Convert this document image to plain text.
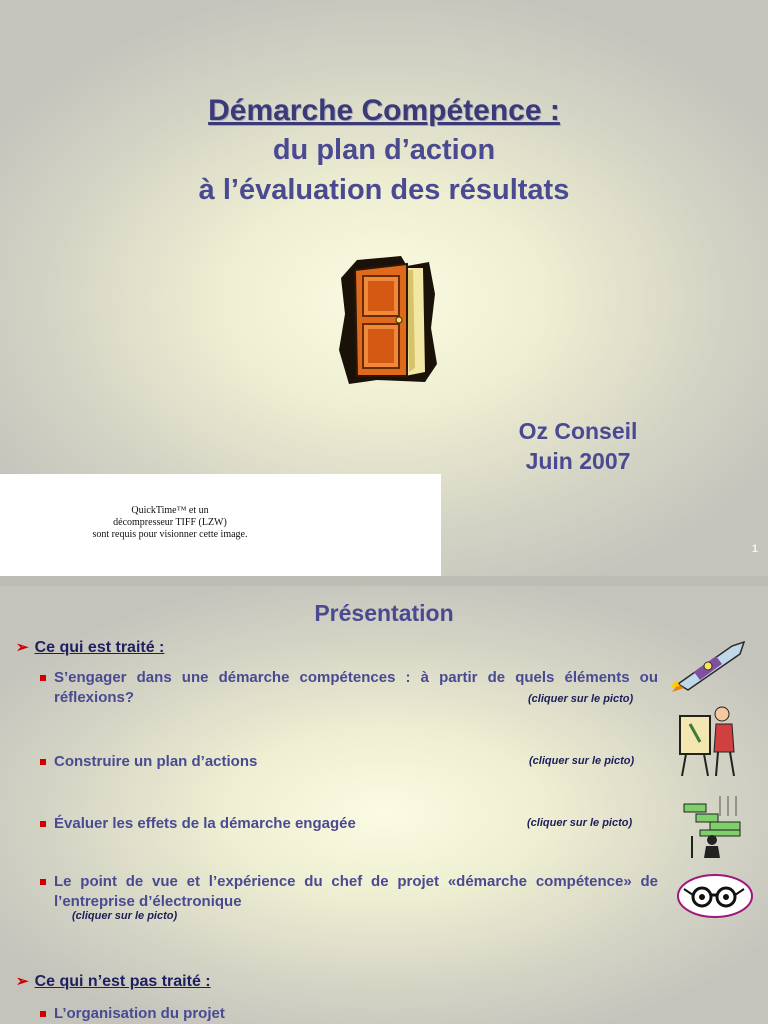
Démarche Compétence :
du plan d’action
à l’évaluation des résultats
Oz Conseil
Juin 2007
QuickTime™ et un
décompresseur TIFF (LZW)
sont requis pour visionner cette image.
1
Présentation
➢ Ce qui est traité :
S’engager dans une démarche compétences : à partir de quels éléments ou réflexions?	(cliquer sur le picto)
Construire un plan d’actions	(cliquer sur le picto)
Évaluer les effets de la démarche engagée	(cliquer sur le picto)
Le point de vue et l’expérience du chef de projet «démarche compétence» de l’entreprise d’électronique
(cliquer sur le picto)
➢ Ce qui n’est pas traité :
L’organisation du projet
